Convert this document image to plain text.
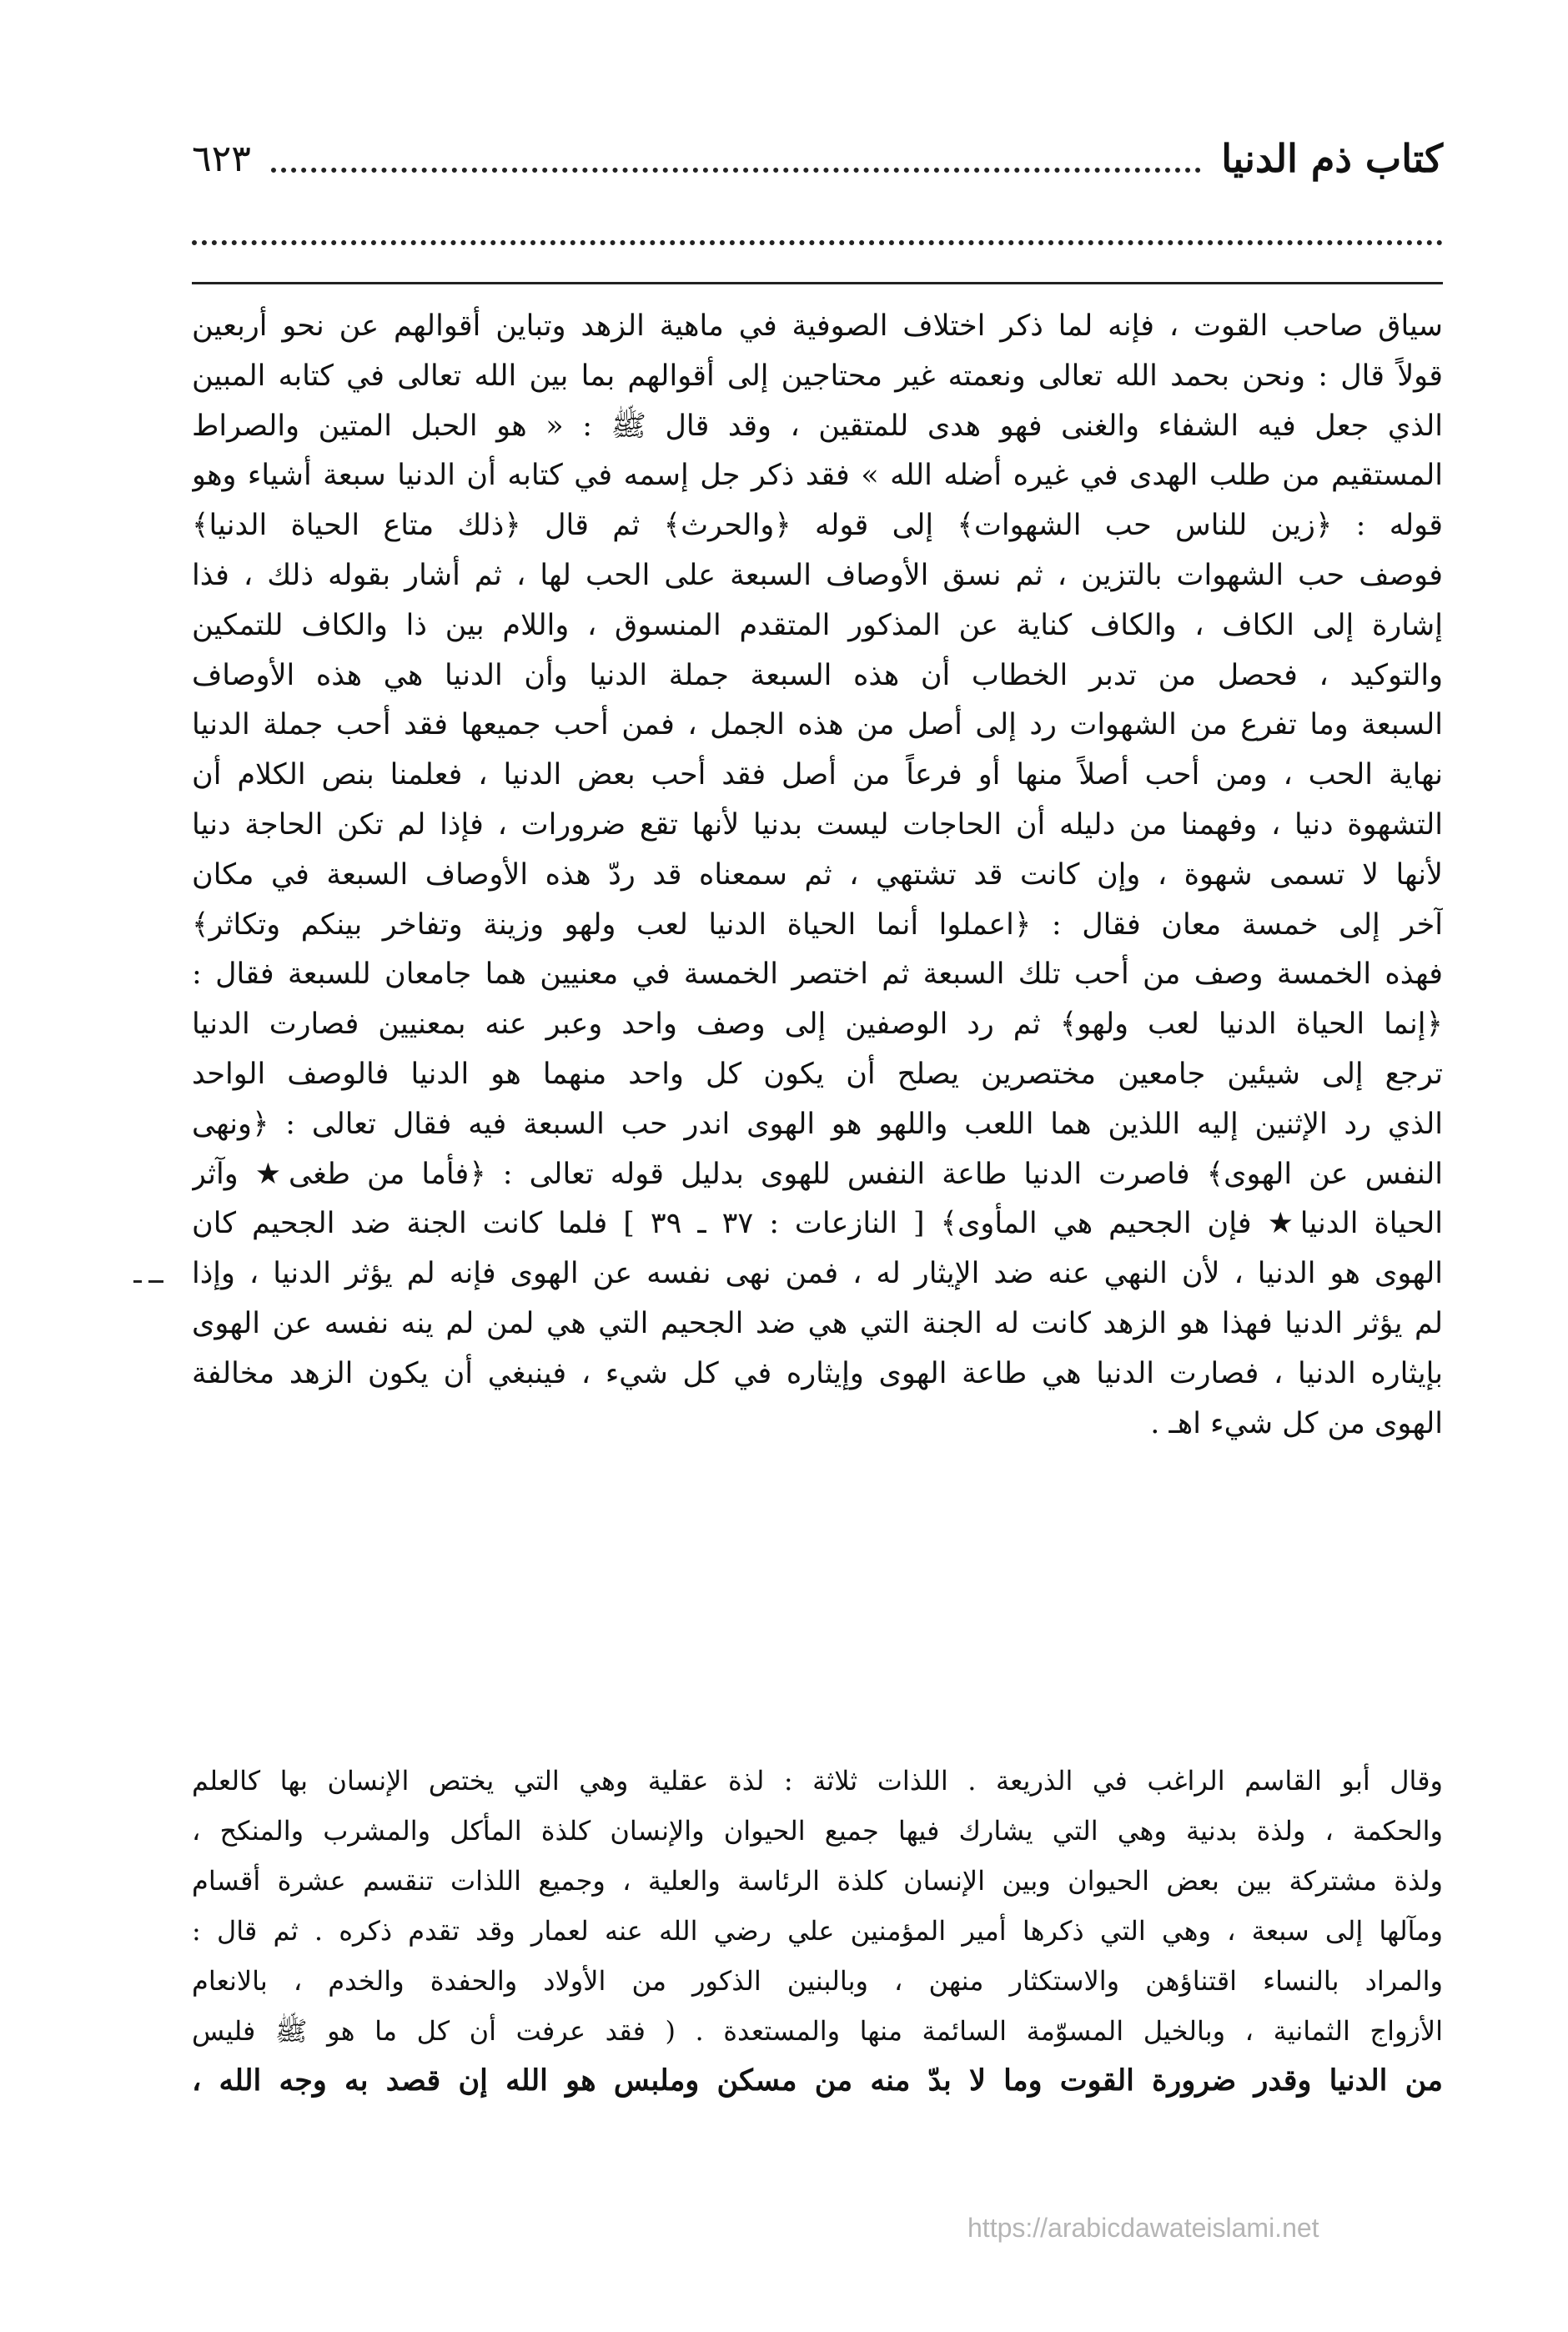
كتاب ذم الدنيا
٦٢٣
سياق صاحب القوت ، فإنه لما ذكر اختلاف الصوفية في ماهية الزهد وتباين أقوالهم عن نحو أربعين
قولاً قال : ونحن بحمد الله تعالى ونعمته غير محتاجين إلى أقوالهم بما بين الله تعالى في كتابه المبين
الذي جعل فيه الشفاء والغنى فهو هدى للمتقين ، وقد قال ﷺ : « هو الحبل المتين والصراط
المستقيم من طلب الهدى في غيره أضله الله » فقد ذكر جل إسمه في كتابه أن الدنيا سبعة أشياء وهو
قوله : ﴿زين للناس حب الشهوات﴾ إلى قوله ﴿والحرث﴾ ثم قال ﴿ذلك متاع الحياة الدنيا﴾
فوصف حب الشهوات بالتزين ، ثم نسق الأوصاف السبعة على الحب لها ، ثم أشار بقوله ذلك ، فذا
إشارة إلى الكاف ، والكاف كناية عن المذكور المتقدم المنسوق ، واللام بين ذا والكاف للتمكين
والتوكيد ، فحصل من تدبر الخطاب أن هذه السبعة جملة الدنيا وأن الدنيا هي هذه الأوصاف
السبعة وما تفرع من الشهوات رد إلى أصل من هذه الجمل ، فمن أحب جميعها فقد أحب جملة الدنيا
نهاية الحب ، ومن أحب أصلاً منها أو فرعاً من أصل فقد أحب بعض الدنيا ، فعلمنا بنص الكلام أن
التشهوة دنيا ، وفهمنا من دليله أن الحاجات ليست بدنيا لأنها تقع ضرورات ، فإذا لم تكن الحاجة دنيا
لأنها لا تسمى شهوة ، وإن كانت قد تشتهي ، ثم سمعناه قد ردّ هذه الأوصاف السبعة في مكان
آخر إلى خمسة معان فقال : ﴿اعملوا أنما الحياة الدنيا لعب ولهو وزينة وتفاخر بينكم وتكاثر﴾
فهذه الخمسة وصف من أحب تلك السبعة ثم اختصر الخمسة في معنيين هما جامعان للسبعة فقال :
﴿إنما الحياة الدنيا لعب ولهو﴾ ثم رد الوصفين إلى وصف واحد وعبر عنه بمعنيين فصارت الدنيا
ترجع إلى شيئين جامعين مختصرين يصلح أن يكون كل واحد منهما هو الدنيا فالوصف الواحد
الذي رد الإثنين إليه اللذين هما اللعب واللهو هو الهوى اندر حب السبعة فيه فقال تعالى : ﴿ونهى
النفس عن الهوى﴾ فاصرت الدنيا طاعة النفس للهوى بدليل قوله تعالى : ﴿فأما من طغى★ وآثر
الحياة الدنيا★ فإن الجحيم هي المأوى﴾ [ النازعات : ٣٧ ـ ٣٩ ] فلما كانت الجنة ضد الجحيم كان
الهوى هو الدنيا ، لأن النهي عنه ضد الإيثار له ، فمن نهى نفسه عن الهوى فإنه لم يؤثر الدنيا ، وإذا
لم يؤثر الدنيا فهذا هو الزهد كانت له الجنة التي هي ضد الجحيم التي هي لمن لم ينه نفسه عن الهوى
بإيثاره الدنيا ، فصارت الدنيا هي طاعة الهوى وإيثاره في كل شيء ، فينبغي أن يكون الزهد مخالفة
الهوى من كل شيء اهـ .
وقال أبو القاسم الراغب في الذريعة . اللذات ثلاثة : لذة عقلية وهي التي يختص الإنسان بها كالعلم
والحكمة ، ولذة بدنية وهي التي يشارك فيها جميع الحيوان والإنسان كلذة المأكل والمشرب والمنكح ،
ولذة مشتركة بين بعض الحيوان وبين الإنسان كلذة الرئاسة والعلية ، وجميع اللذات تنقسم عشرة أقسام
ومآلها إلى سبعة ، وهي التي ذكرها أمير المؤمنين علي رضي الله عنه لعمار وقد تقدم ذكره . ثم قال :
والمراد بالنساء اقتناؤهن والاستكثار منهن ، وبالبنين الذكور من الأولاد والحفدة والخدم ، بالانعام
الأزواج الثمانية ، وبالخيل المسوّمة السائمة منها والمستعدة . ( فقد عرفت أن كل ما هو ﷺ فليس
من الدنيا وقدر ضرورة القوت وما لا بدّ منه من مسكن وملبس هو الله إن قصد به وجه الله ،
https://arabicdawateislami.net
